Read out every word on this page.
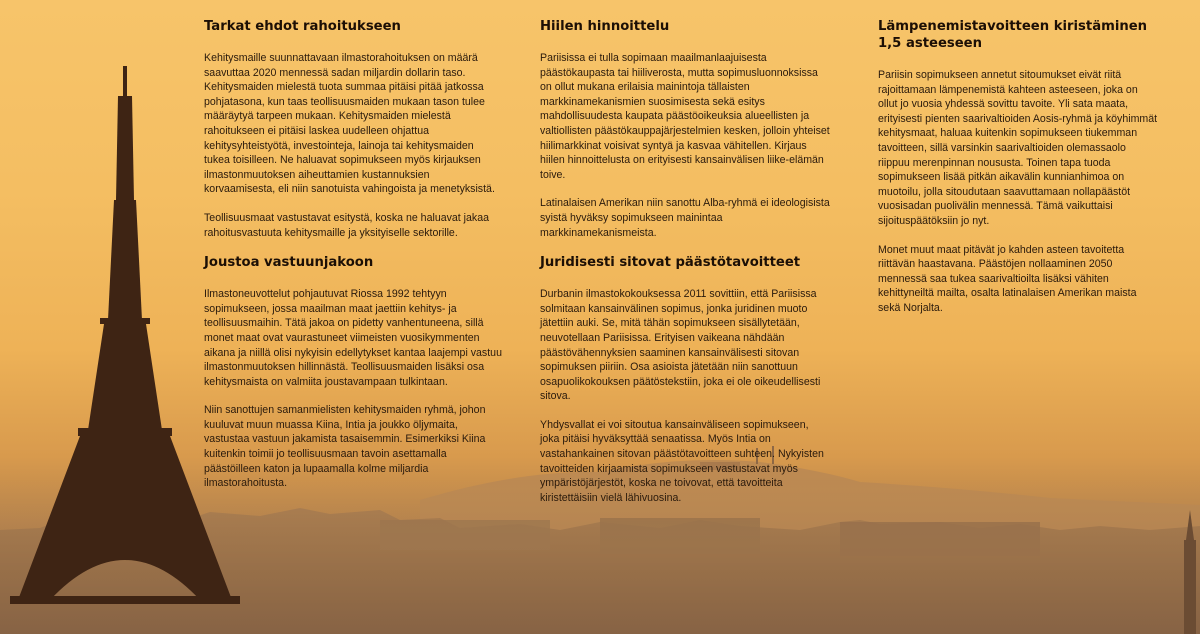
Tarkat ehdot rahoitukseen

Kehitysmaille suunnattavaan ilmastorahoituksen on määrä saavuttaa 2020 mennessä sadan miljardin dollarin taso. Kehitysmaiden mielestä tuota summaa pitäisi pitää jatkossa pohjatasona, kun taas teollisuusmaiden mukaan tason tulee määräytyä tarpeen mukaan. Kehitysmaiden mielestä rahoitukseen ei pitäisi laskea uudelleen ohjattua kehitysyhteistyötä, investointeja, lainoja tai kehitysmaiden tukea toisilleen. Ne haluavat sopimukseen myös kirjauksen ilmastonmuutoksen aiheuttamien kustannuksien korvaamisesta, eli niin sanotuista vahingoista ja menetyksistä.

Teollisuusmaat vastustavat esitystä, koska ne haluavat jakaa rahoitusvastuuta kehitysmaille ja yksityiselle sektorille.

Joustoa vastuunjakoon

Ilmastoneuvottelut pohjautuvat Riossa 1992 tehtyyn sopimukseen, jossa maailman maat jaettiin kehitys- ja teollisuusmaihin. Tätä jakoa on pidetty vanhentuneena, sillä monet maat ovat vaurastuneet viimeisten vuosikymmenten aikana ja niillä olisi nykyisin edellytykset kantaa laajempi vastuu ilmastonmuutoksen hillinnästä. Teollisuusmaiden lisäksi osa kehitysmaista on valmiita joustavampaan tulkintaan.

Niin sanottujen samanmielisten kehitysmaiden ryhmä, johon kuuluvat muun muassa Kiina, Intia ja joukko öljymaita, vastustaa vastuun jakamista tasaisemmin. Esimerkiksi Kiina kuitenkin toimii jo teollisuusmaan tavoin asettamalla päästöilleen katon ja lupaamalla kolme miljardia ilmastorahoitusta.

Hiilen hinnoittelu

Pariisissa ei tulla sopimaan maailmanlaajuisesta päästökaupasta tai hiiliverosta, mutta sopimusluonnoksissa on ollut mukana erilaisia mainintoja tällaisten markkinamekanismien suosimisesta sekä esitys mahdollisuudesta kaupata päästöoikeuksia alueellisten ja valtiollisten päästökauppajärjestelmien kesken, jolloin yhteiset hiilimarkkinat voisivat syntyä ja kasvaa vähitellen. Kirjaus hiilen hinnoittelusta on erityisesti kansainvälisen liike-elämän toive.

Latinalaisen Amerikan niin sanottu Alba-ryhmä ei ideologisista syistä hyväksy sopimukseen mainintaa markkinamekanismeista.

Juridisesti sitovat päästötavoitteet

Durbanin ilmastokokouksessa 2011 sovittiin, että Pariisissa solmitaan kansainvälinen sopimus, jonka juridinen muoto jätettiin auki. Se, mitä tähän sopimukseen sisällytetään, neuvotellaan Pariisissa. Erityisen vaikeana nähdään päästövähennyksien saaminen kansainvälisesti sitovan sopimuksen piiriin. Osa asioista jätetään niin sanottuun osapuolikokouksen päätöstekstiin, joka ei ole oikeudellisesti sitova.

Yhdysvallat ei voi sitoutua kansainväliseen sopimukseen, joka pitäisi hyväksyttää senaatissa. Myös Intia on vastahankainen sitovan päästötavoitteen suhteen. Nykyisten tavoitteiden kirjaamista sopimukseen vastustavat myös ympäristöjärjestöt, koska ne toivovat, että tavoitteita kiristettäisiin vielä lähivuosina.

Lämpenemistavoitteen kiristäminen 1,5 asteeseen

Pariisin sopimukseen annetut sitoumukset eivät riitä rajoittamaan lämpenemistä kahteen asteeseen, joka on ollut jo vuosia yhdessä sovittu tavoite. Yli sata maata, erityisesti pienten saarivaltioiden Aosis-ryhmä ja köyhimmät kehitysmaat, haluaa kuitenkin sopimukseen tiukemman tavoitteen, sillä varsinkin saarivaltioiden olemassaolo riippuu merenpinnan noususta. Toinen tapa tuoda sopimukseen lisää pitkän aikavälin kunnianhimoa on muotoilu, jolla sitoudutaan saavuttamaan nollapäästöt vuosisadan puolivälin mennessä. Tämä vaikuttaisi sijoituspäätöksiin jo nyt.

Monet muut maat pitävät jo kahden asteen tavoitetta riittävän haastavana. Päästöjen nollaaminen 2050 mennessä saa tukea saarivaltioilta lisäksi vähiten kehittyneiltä mailta, osalta latinalaisen Amerikan maista sekä Norjalta.
